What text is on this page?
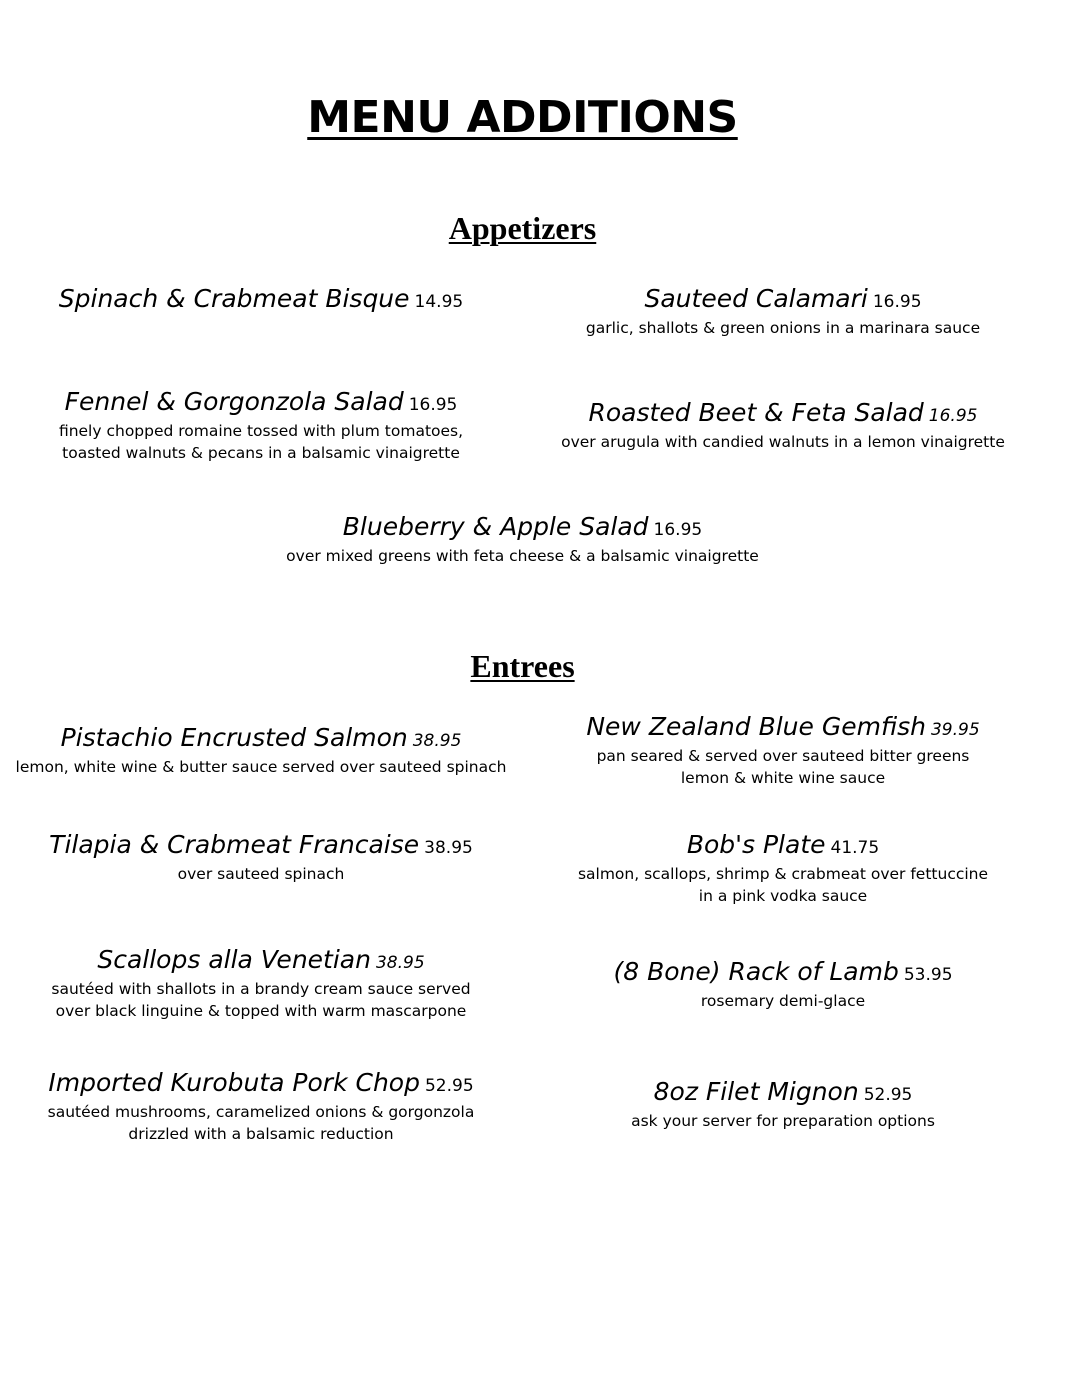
MENU ADDITIONS
Appetizers
Spinach & Crabmeat Bisque 14.95	Sauteed Calamari 16.95
garlic, shallots & green onions in a marinara sauce
Fennel & Gorgonzola Salad 16.95
finely chopped romaine tossed with plum tomatoes,
toasted walnuts & pecans in a balsamic vinaigrette
Roasted Beet & Feta Salad 16.95
over arugula with candied walnuts in a lemon vinaigrette
Blueberry & Apple Salad 16.95
over mixed greens with feta cheese & a balsamic vinaigrette
Entrees
Pistachio Encrusted Salmon 38.95
lemon, white wine & butter sauce served over sauteed spinach
New Zealand Blue Gemfish 39.95
pan seared & served over sauteed bitter greens
lemon & white wine sauce
Tilapia & Crabmeat Francaise 38.95
over sauteed spinach
Bob's Plate 41.75
salmon, scallops, shrimp & crabmeat over fettuccine
in a pink vodka sauce
Scallops alla Venetian 38.95
sautéed with shallots in a brandy cream sauce served
over black linguine & topped with warm mascarpone
(8 Bone) Rack of Lamb 53.95
rosemary demi-glace
Imported Kurobuta Pork Chop 52.95
sautéed mushrooms, caramelized onions & gorgonzola
drizzled with a balsamic reduction
8oz Filet Mignon 52.95
ask your server for preparation options
